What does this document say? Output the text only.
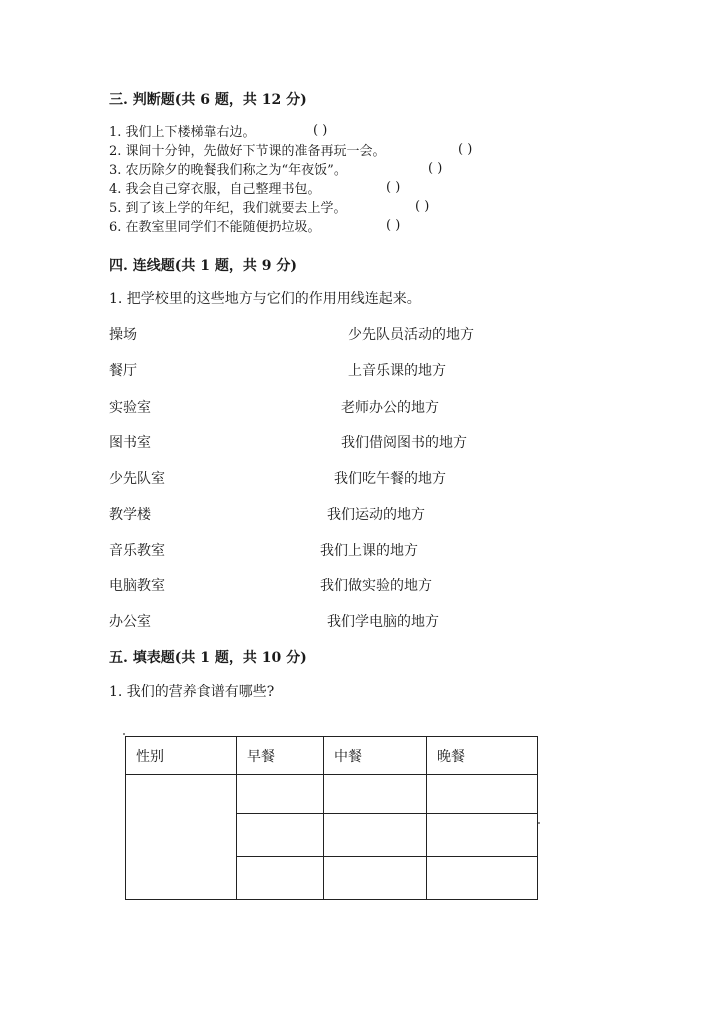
三. 判断题(共 6 题，共 12 分)
1. 我们上下楼梯靠右边。	( )
2. 课间十分钟，先做好下节课的准备再玩一会。	( )
3. 农历除夕的晚餐我们称之为“年夜饭”。	( )
4. 我会自己穿衣服，自己整理书包。	( )
5. 到了该上学的年纪，我们就要去上学。	( )
6. 在教室里同学们不能随便扔垃圾。	( )
四. 连线题(共 1 题，共 9 分)
1. 把学校里的这些地方与它们的作用用线连起来。
操场	少先队员活动的地方
餐厅	上音乐课的地方
实验室	老师办公的地方
图书室	我们借阅图书的地方
少先队室	我们吃午餐的地方
教学楼	我们运动的地方
音乐教室	我们上课的地方
电脑教室	我们做实验的地方
办公室	我们学电脑的地方
五. 填表题(共 1 题，共 10 分)
1. 我们的营养食谱有哪些?
性别	早餐	中餐	晚餐
